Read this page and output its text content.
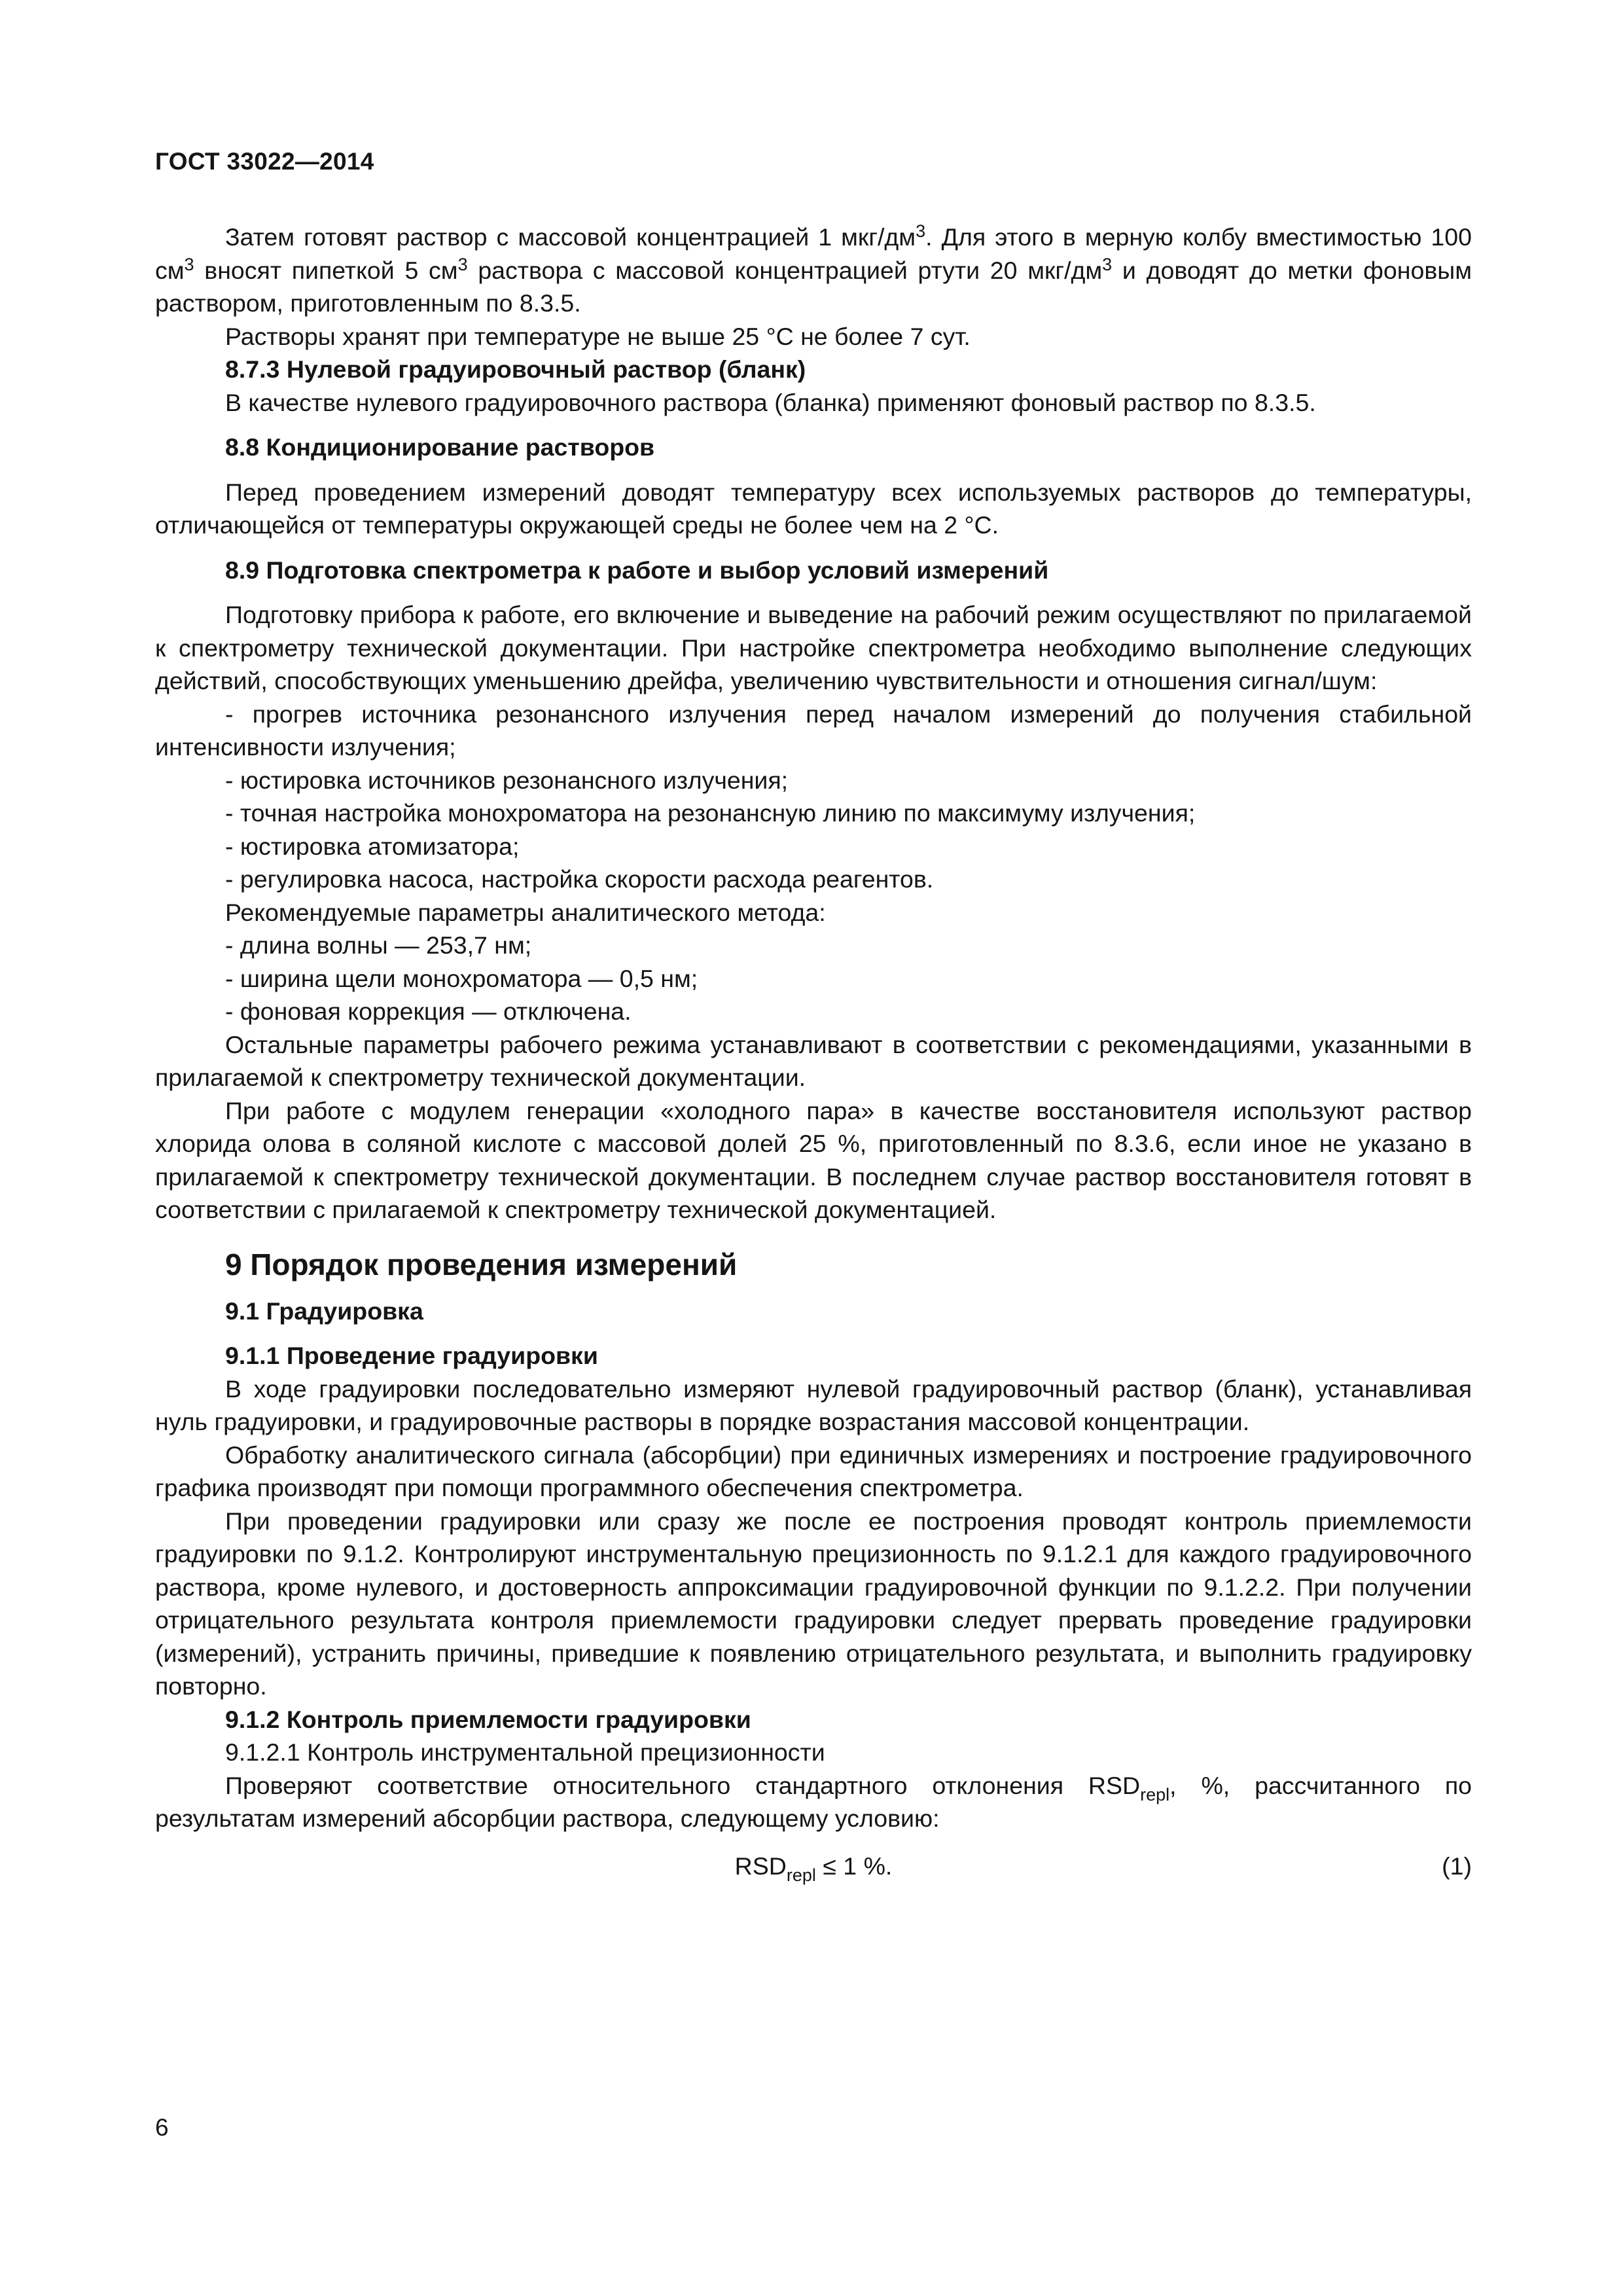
ГОСТ 33022—2014

Затем готовят раствор с массовой концентрацией 1 мкг/$дм^3$. Для этого в мерную колбу вместимостью 100 $см^3$ вносят пипеткой 5 $см^3$ раствора с массовой концентрацией ртути 20 мкг/$дм^3$ и доводят до метки фоновым раствором, приготовленным по 8.3.5.

Растворы хранят при температуре не выше 25 °С не более 7 сут.

8.7.3 Нулевой градуировочный раствор (бланк)

В качестве нулевого градуировочного раствора (бланка) применяют фоновый раствор по 8.3.5.

8.8 Кондиционирование растворов

Перед проведением измерений доводят температуру всех используемых растворов до температуры, отличающейся от температуры окружающей среды не более чем на 2 °С.

8.9 Подготовка спектрометра к работе и выбор условий измерений

Подготовку прибора к работе, его включение и выведение на рабочий режим осуществляют по прилагаемой к спектрометру технической документации. При настройке спектрометра необходимо выполнение следующих действий, способствующих уменьшению дрейфа, увеличению чувствительности и отношения сигнал/шум:

- прогрев источника резонансного излучения перед началом измерений до получения стабильной интенсивности излучения;

- юстировка источников резонансного излучения;

- точная настройка монохроматора на резонансную линию по максимуму излучения;

- юстировка атомизатора;

- регулировка насоса, настройка скорости расхода реагентов.

Рекомендуемые параметры аналитического метода:

- длина волны — 253,7 нм;

- ширина щели монохроматора — 0,5 нм;

- фоновая коррекция — отключена.

Остальные параметры рабочего режима устанавливают в соответствии с рекомендациями, указанными в прилагаемой к спектрометру технической документации.

При работе с модулем генерации «холодного пара» в качестве восстановителя используют раствор хлорида олова в соляной кислоте с массовой долей 25 %, приготовленный по 8.3.6, если иное не указано в прилагаемой к спектрометру технической документации. В последнем случае раствор восстановителя готовят в соответствии с прилагаемой к спектрометру технической документацией.

9 Порядок проведения измерений

9.1 Градуировка

9.1.1 Проведение градуировки

В ходе градуировки последовательно измеряют нулевой градуировочный раствор (бланк), устанавливая нуль градуировки, и градуировочные растворы в порядке возрастания массовой концентрации.

Обработку аналитического сигнала (абсорбции) при единичных измерениях и построение градуировочного графика производят при помощи программного обеспечения спектрометра.

При проведении градуировки или сразу же после ее построения проводят контроль приемлемости градуировки по 9.1.2. Контролируют инструментальную прецизионность по 9.1.2.1 для каждого градуировочного раствора, кроме нулевого, и достоверность аппроксимации градуировочной функции по 9.1.2.2. При получении отрицательного результата контроля приемлемости градуировки следует прервать проведение градуировки (измерений), устранить причины, приведшие к появлению отрицательного результата, и выполнить градуировку повторно.

9.1.2 Контроль приемлемости градуировки

9.1.2.1 Контроль инструментальной прецизионности

Проверяют соответствие относительного стандартного отклонения $RSD_{repl}$, %, рассчитанного по результатам измерений абсорбции раствора, следующему условию:

$RSD_{repl} \le 1$ %.	(1)
6
